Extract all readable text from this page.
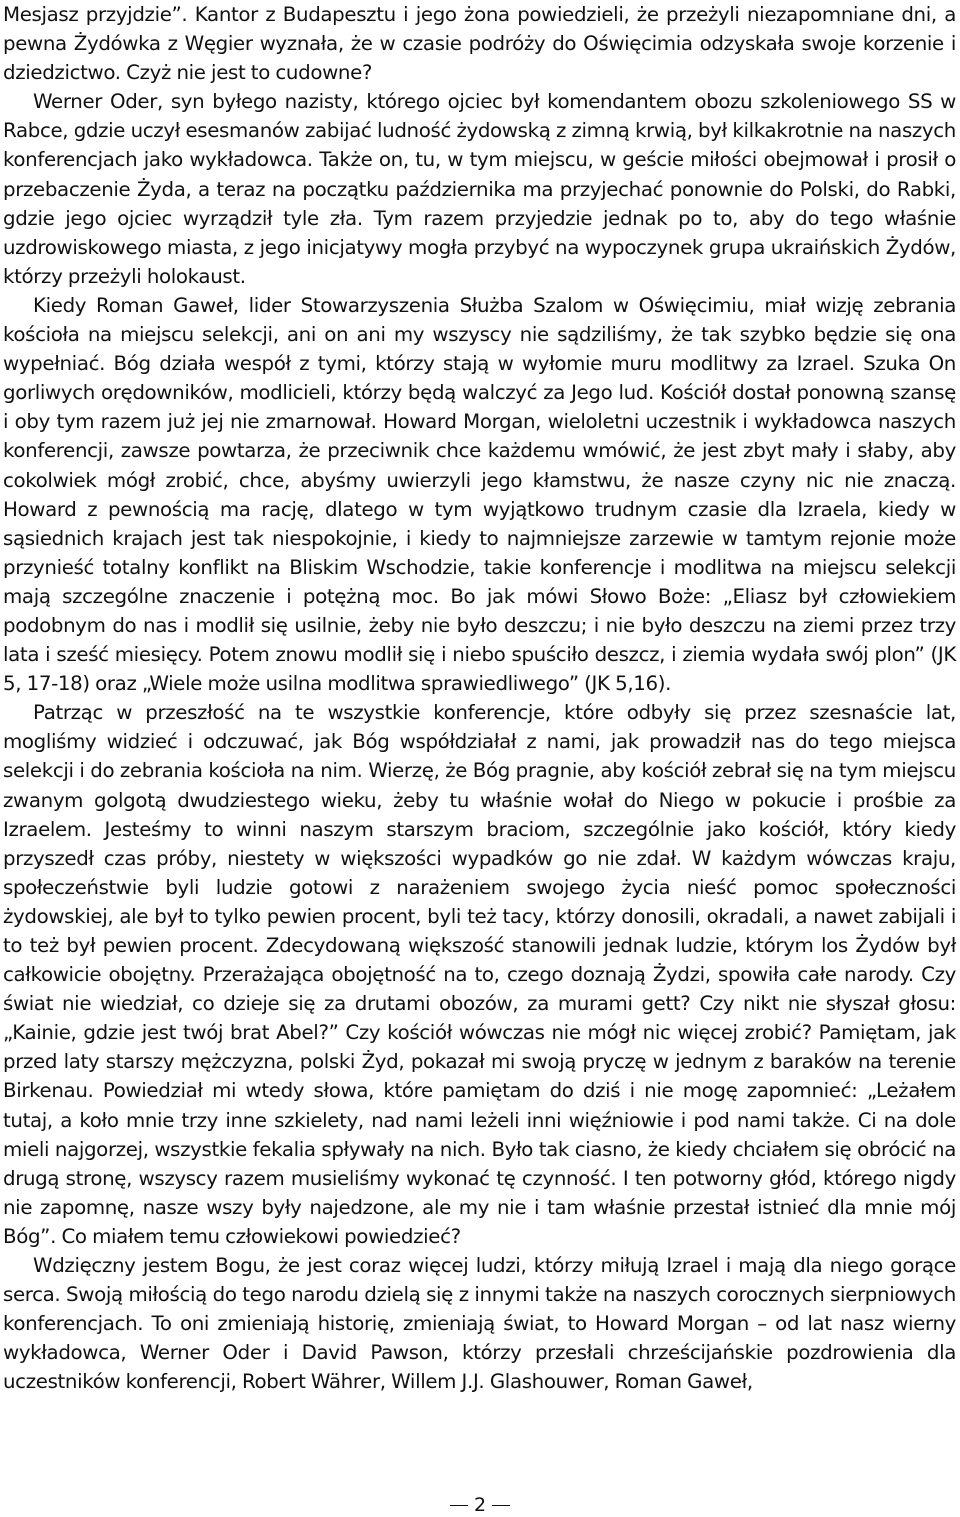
Mesjasz przyjdzie”. Kantor z Budapesztu i jego żona powiedzieli, że przeżyli niezapomniane dni, a pewna Żydówka z Węgier wyznała, że w czasie podróży do Oświęcimia odzyskała swoje korzenie i dziedzictwo. Czyż nie jest to cudowne?

Werner Oder, syn byłego nazisty, którego ojciec był komendantem obozu szkoleniowego SS w Rabce, gdzie uczył esesmanów zabijać ludność żydowską z zimną krwią, był kilkakrotnie na naszych konferencjach jako wykładowca. Także on, tu, w tym miejscu, w geście miłości obejmował i prosił o przebaczenie Żyda, a teraz na początku października ma przyjechać ponownie do Polski, do Rabki, gdzie jego ojciec wyrządził tyle zła. Tym razem przyjedzie jednak po to, aby do tego właśnie uzdrowiskowego miasta, z jego inicjatywy mogła przybyć na wypoczynek grupa ukraińskich Żydów, którzy przeżyli holokaust.

Kiedy Roman Gaweł, lider Stowarzyszenia Służba Szalom w Oświęcimiu, miał wizję zebrania kościoła na miejscu selekcji, ani on ani my wszyscy nie sądziliśmy, że tak szybko będzie się ona wypełniać. Bóg działa wespół z tymi, którzy stają w wyłomie muru modlitwy za Izrael. Szuka On gorliwych orędowników, modlicieli, którzy będą walczyć za Jego lud. Kościół dostał ponowną szansę i oby tym razem już jej nie zmarnował. Howard Morgan, wieloletni uczestnik i wykładowca naszych konferencji, zawsze powtarza, że przeciwnik chce każdemu wmówić, że jest zbyt mały i słaby, aby cokolwiek mógł zrobić, chce, abyśmy uwierzyli jego kłamstwu, że nasze czyny nic nie znaczą. Howard z pewnością ma rację, dlatego w tym wyjątkowo trudnym czasie dla Izraela, kiedy w sąsiednich krajach jest tak niespokojnie, i kiedy to najmniejsze zarzewie w tamtym rejonie może przynieść totalny konflikt na Bliskim Wschodzie, takie konferencje i modlitwa na miejscu selekcji mają szczególne znaczenie i potężną moc. Bo jak mówi Słowo Boże: „Eliasz był człowiekiem podobnym do nas i modlił się usilnie, żeby nie było deszczu; i nie było deszczu na ziemi przez trzy lata i sześć miesięcy. Potem znowu modlił się i niebo spuściło deszcz, i ziemia wydała swój plon” (JK 5, 17-18) oraz „Wiele może usilna modlitwa sprawiedliwego” (JK 5,16).

Patrząc w przeszłość na te wszystkie konferencje, które odbyły się przez szesnaście lat, mogliśmy widzieć i odczuwać, jak Bóg współdziałał z nami, jak prowadził nas do tego miejsca selekcji i do zebrania kościoła na nim. Wierzę, że Bóg pragnie, aby kościół zebrał się na tym miejscu zwanym golgotą dwudziestego wieku, żeby tu właśnie wołał do Niego w pokucie i prośbie za Izraelem. Jesteśmy to winni naszym starszym braciom, szczególnie jako kościół, który kiedy przyszedł czas próby, niestety w większości wypadków go nie zdał. W każdym wówczas kraju, społeczeństwie byli ludzie gotowi z narażeniem swojego życia nieść pomoc społeczności żydowskiej, ale był to tylko pewien procent, byli też tacy, którzy donosili, okradali, a nawet zabijali i to też był pewien procent. Zdecydowaną większość stanowili jednak ludzie, którym los Żydów był całkowicie obojętny. Przerażająca obojętność na to, czego doznają Żydzi, spowiła całe narody. Czy świat nie wiedział, co dzieje się za drutami obozów, za murami gett? Czy nikt nie słyszał głosu: „Kainie, gdzie jest twój brat Abel?” Czy kościół wówczas nie mógł nic więcej zrobić? Pamiętam, jak przed laty starszy mężczyzna, polski Żyd, pokazał mi swoją pryczę w jednym z baraków na terenie Birkenau. Powiedział mi wtedy słowa, które pamiętam do dziś i nie mogę zapomnieć: „Leżałem tutaj, a koło mnie trzy inne szkielety, nad nami leżeli inni więźniowie i pod nami także. Ci na dole mieli najgorzej, wszystkie fekalia spływały na nich. Było tak ciasno, że kiedy chciałem się obrócić na drugą stronę, wszyscy razem musieliśmy wykonać tę czynność. I ten potworny głód, którego nigdy nie zapomnę, nasze wszy były najedzone, ale my nie i tam właśnie przestał istnieć dla mnie mój Bóg”. Co miałem temu człowiekowi powiedzieć?

Wdzięczny jestem Bogu, że jest coraz więcej ludzi, którzy miłują Izrael i mają dla niego gorące serca. Swoją miłością do tego narodu dzielą się z innymi także na naszych corocznych sierpniowych konferencjach. To oni zmieniają historię, zmieniają świat, to Howard Morgan – od lat nasz wierny wykładowca, Werner Oder i David Pawson, którzy przesłali chrześcijańskie pozdrowienia dla uczestników konferencji, Robert Währer, Willem J.J. Glashouwer, Roman Gaweł,

2
